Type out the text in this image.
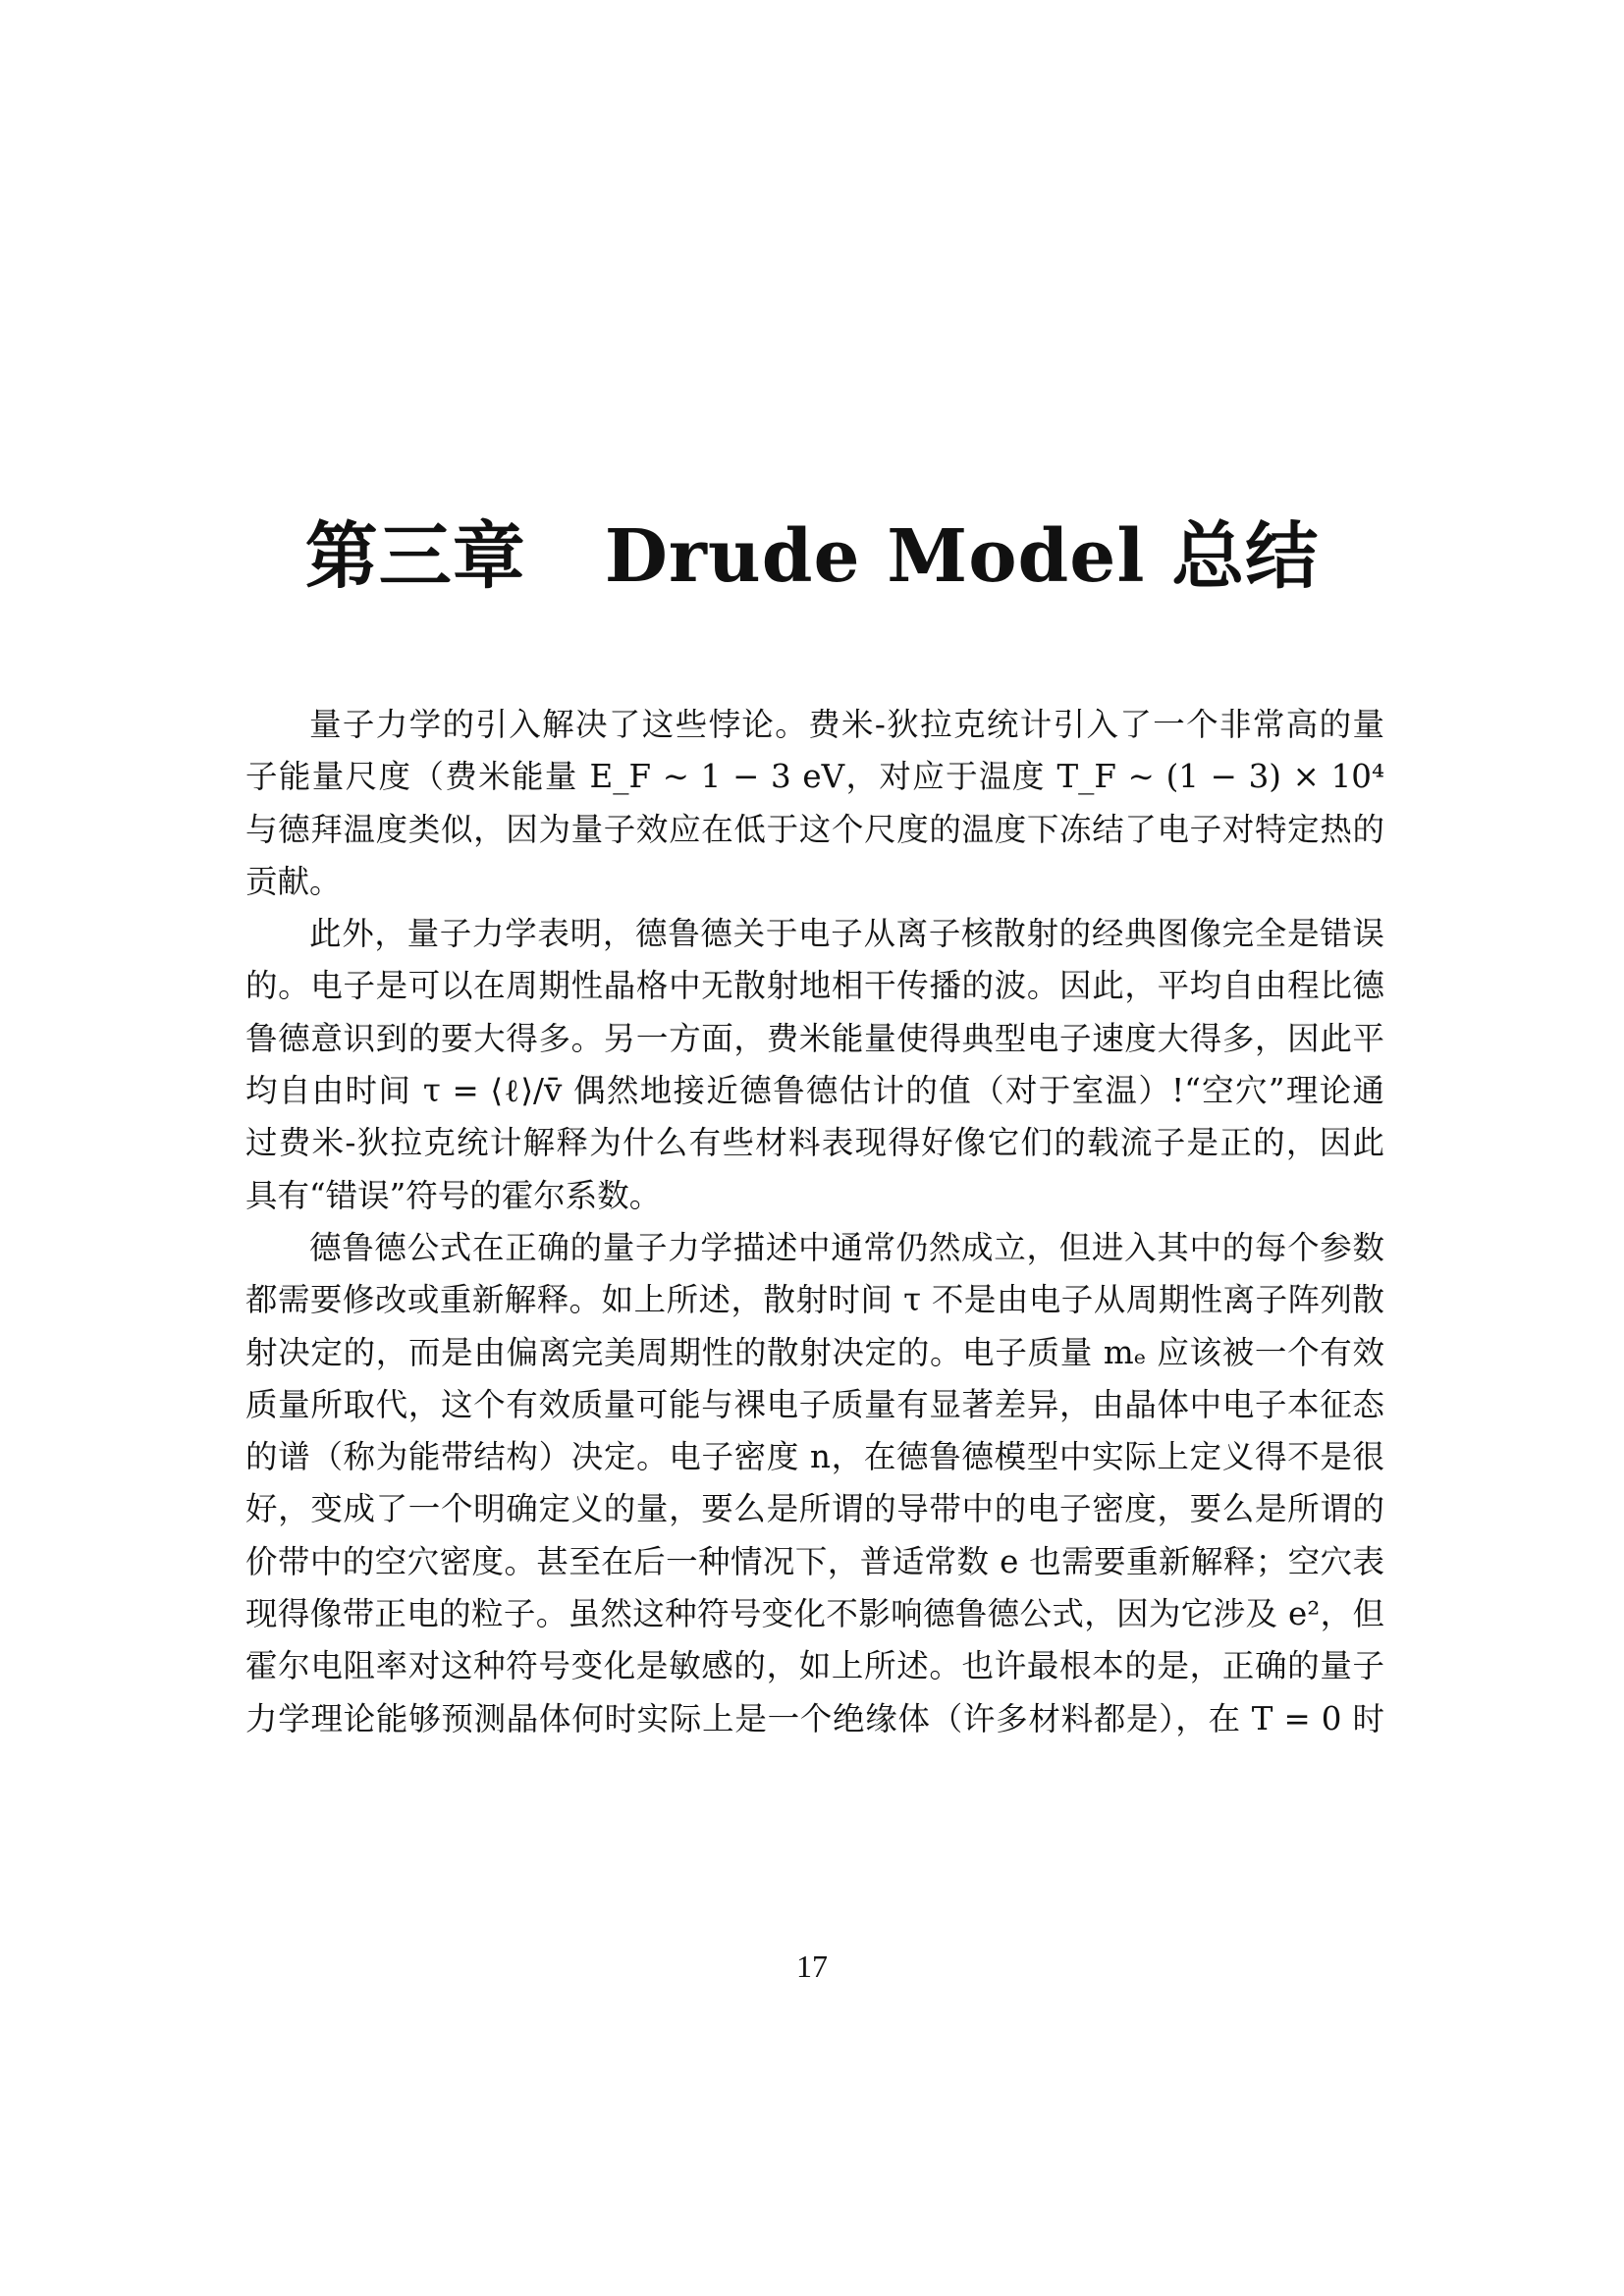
第三章 Drude Model 总结
量子力学的引入解决了这些悖论。费米-狄拉克统计引入了一个非常高的量
子能量尺度（费米能量 E_F ∼ 1 − 3 eV，对应于温度 T_F ∼ (1 − 3) × 10⁴
与德拜温度类似，因为量子效应在低于这个尺度的温度下冻结了电子对特定热的
贡献。
此外，量子力学表明，德鲁德关于电子从离子核散射的经典图像完全是错误
的。电子是可以在周期性晶格中无散射地相干传播的波。因此，平均自由程比德
鲁德意识到的要大得多。另一方面，费米能量使得典型电子速度大得多，因此平
均自由时间 τ = ⟨ℓ⟩/v̄ 偶然地接近德鲁德估计的值（对于室温）!“空穴”理论通
过费米-狄拉克统计解释为什么有些材料表现得好像它们的载流子是正的，因此
具有“错误”符号的霍尔系数。
德鲁德公式在正确的量子力学描述中通常仍然成立，但进入其中的每个参数
都需要修改或重新解释。如上所述，散射时间 τ 不是由电子从周期性离子阵列散
射决定的，而是由偏离完美周期性的散射决定的。电子质量 mₑ 应该被一个有效
质量所取代，这个有效质量可能与裸电子质量有显著差异，由晶体中电子本征态
的谱（称为能带结构）决定。电子密度 n，在德鲁德模型中实际上定义得不是很
好，变成了一个明确定义的量，要么是所谓的导带中的电子密度，要么是所谓的
价带中的空穴密度。甚至在后一种情况下，普适常数 e 也需要重新解释；空穴表
现得像带正电的粒子。虽然这种符号变化不影响德鲁德公式，因为它涉及 e²，但
霍尔电阻率对这种符号变化是敏感的，如上所述。也许最根本的是，正确的量子
力学理论能够预测晶体何时实际上是一个绝缘体（许多材料都是），在 T = 0 时
17
